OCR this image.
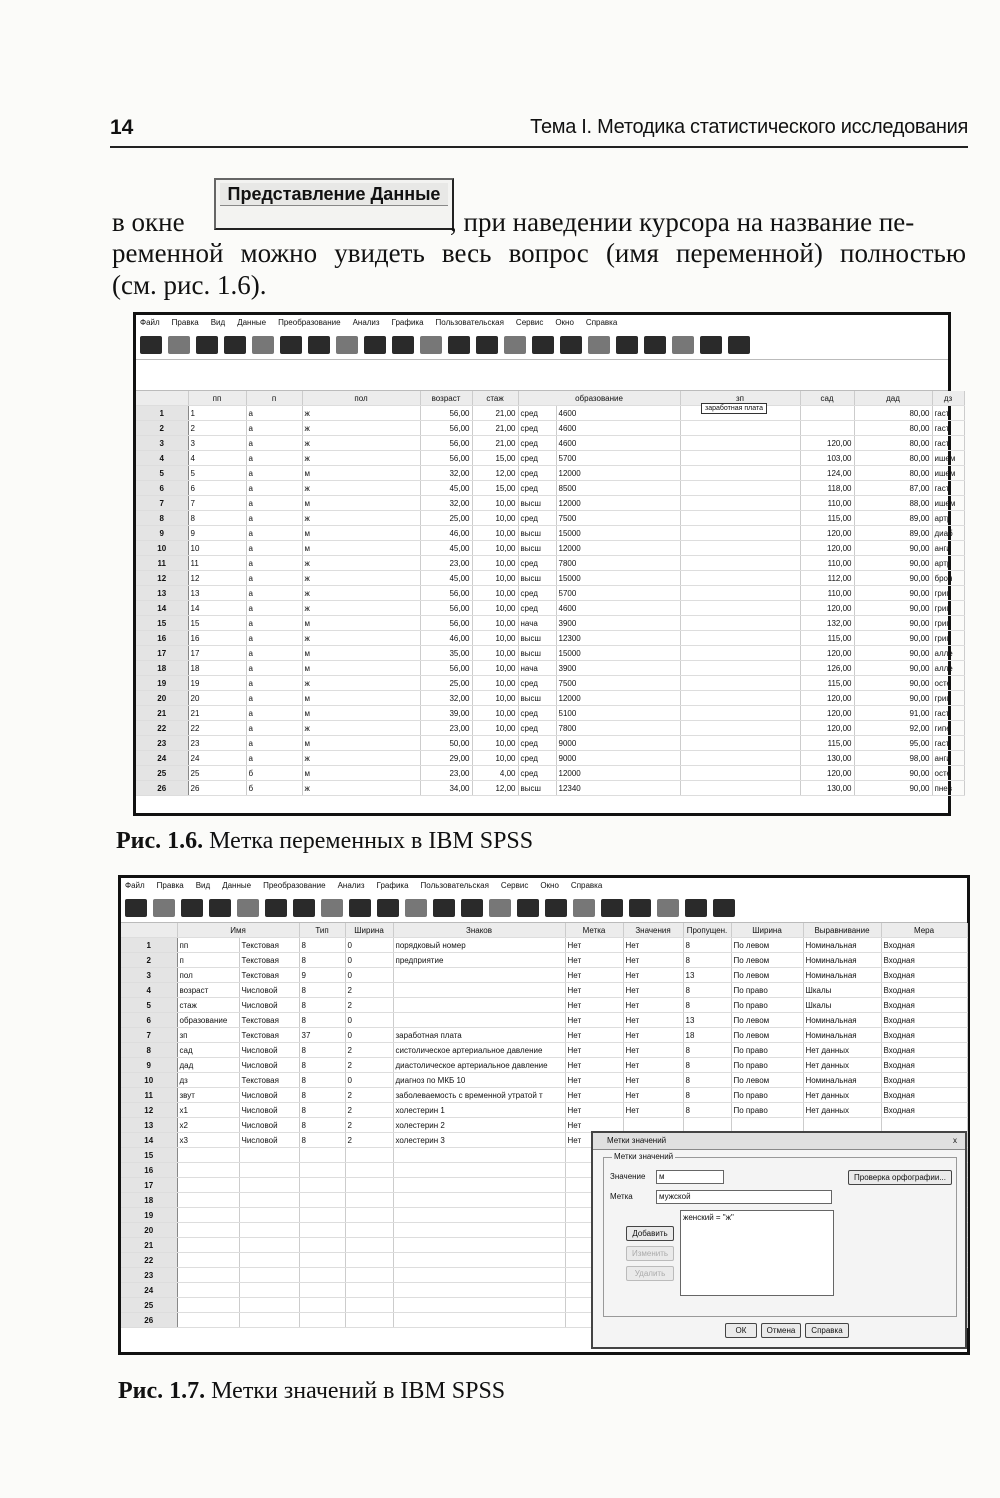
14	Тема I. Методика статистического исследования
Представление Данные
в окне	, при наведении курсора на название пе-
ременной можно увидеть весь вопрос (имя переменной) полностью
(см. рис. 1.6).
Файл Правка Вид Данные Преобразование Анализ Графика Пользовательская Сервис Окно Справка
	пп	п	пол	возраст	стаж	образование		зп	сад	дад	дз	
1	1	а	ж	56,00	21,00	сред	4600			80,00	гаст	
2	2	а	ж	56,00	21,00	сред	4600			80,00	гаст	
3	3	а	ж	56,00	21,00	сред	4600		120,00	80,00	гаст	
4	4	а	ж	56,00	15,00	сред	5700		103,00	80,00	ишем	
5	5	а	м	32,00	12,00	сред	12000		124,00	80,00	ишем	
6	6	а	ж	45,00	15,00	сред	8500		118,00	87,00	гаст	
7	7	а	м	32,00	10,00	высш	12000		110,00	88,00	ишем	
8	8	а	ж	25,00	10,00	сред	7500		115,00	89,00	артр	
9	9	а	м	46,00	10,00	высш	15000		120,00	89,00	диаб	
10	10	а	м	45,00	10,00	высш	12000		120,00	90,00	анги	
11	11	а	ж	23,00	10,00	сред	7800		110,00	90,00	артр	
12	12	а	ж	45,00	10,00	высш	15000		112,00	90,00	брон	
13	13	а	ж	56,00	10,00	сред	5700		110,00	90,00	грип	
14	14	а	ж	56,00	10,00	сред	4600		120,00	90,00	грип	
15	15	а	м	56,00	10,00	нача	3900		132,00	90,00	грип	
16	16	а	ж	46,00	10,00	высш	12300		115,00	90,00	грип	
17	17	а	м	35,00	10,00	высш	15000		120,00	90,00	алле	
18	18	а	м	56,00	10,00	нача	3900		126,00	90,00	алле	
19	19	а	ж	25,00	10,00	сред	7500		115,00	90,00	осте	
20	20	а	м	32,00	10,00	высш	12000		120,00	90,00	грип	
21	21	а	м	39,00	10,00	сред	5100		120,00	91,00	гаст	
22	22	а	ж	23,00	10,00	сред	7800		120,00	92,00	гипе	
23	23	а	м	50,00	10,00	сред	9000		115,00	95,00	гаст	
24	24	а	ж	29,00	10,00	сред	9000		130,00	98,00	анги	
25	25	б	м	23,00	4,00	сред	12000		120,00	90,00	осте	
26	26	б	ж	34,00	12,00	высш	12340		130,00	90,00	пнев	
заработная плата
Рис. 1.6. Метка переменных в IBM SPSS
Файл Правка Вид Данные Преобразование Анализ Графика Пользовательская Сервис Окно Справка
	Имя		Тип	Ширина	Знаков	Метка	Значения	Пропущен.	Ширина	Выравнивание	Мера	
1	пп	Текстовая	8	0	порядковый номер	Нет	Нет	8	По левом	Номинальная	Входная	
2	п	Текстовая	8	0	предприятие	Нет	Нет	8	По левом	Номинальная	Входная	
3	пол	Текстовая	9	0		Нет	Нет	13	По левом	Номинальная	Входная	
4	возраст	Числовой	8	2		Нет	Нет	8	По право	Шкалы	Входная	
5	стаж	Числовой	8	2		Нет	Нет	8	По право	Шкалы	Входная	
6	образование	Текстовая	8	0		Нет	Нет	13	По левом	Номинальная	Входная	
7	зп	Текстовая	37	0	заработная плата	Нет	Нет	18	По левом	Номинальная	Входная	
8	сад	Числовой	8	2	систолическое артериальное давление	Нет	Нет	8	По право	Нет данных	Входная	
9	дад	Числовой	8	2	диастолическое артериальное давление	Нет	Нет	8	По право	Нет данных	Входная	
10	дз	Текстовая	8	0	диагноз по МКБ 10	Нет	Нет	8	По левом	Номинальная	Входная	
11	звут	Числовой	8	2	заболеваемость с временной утратой т	Нет	Нет	8	По право	Нет данных	Входная	
12	х1	Числовой	8	2	холестерин 1	Нет	Нет	8	По право	Нет данных	Входная	
13	х2	Числовой	8	2	холестерин 2	Нет						
14	х3	Числовой	8	2	холестерин 3	Нет						
15												
16												
17												
18												
19												
20												
21												
22												
23												
24												
25												
26												
Метки значений	x
Метки значений
Значение	м	Проверка орфографии...
Метка	мужской
Добавить
Изменить
Удалить
женский = "ж"
ОК	Отмена	Справка
Рис. 1.7. Метки значений в IBM SPSS
